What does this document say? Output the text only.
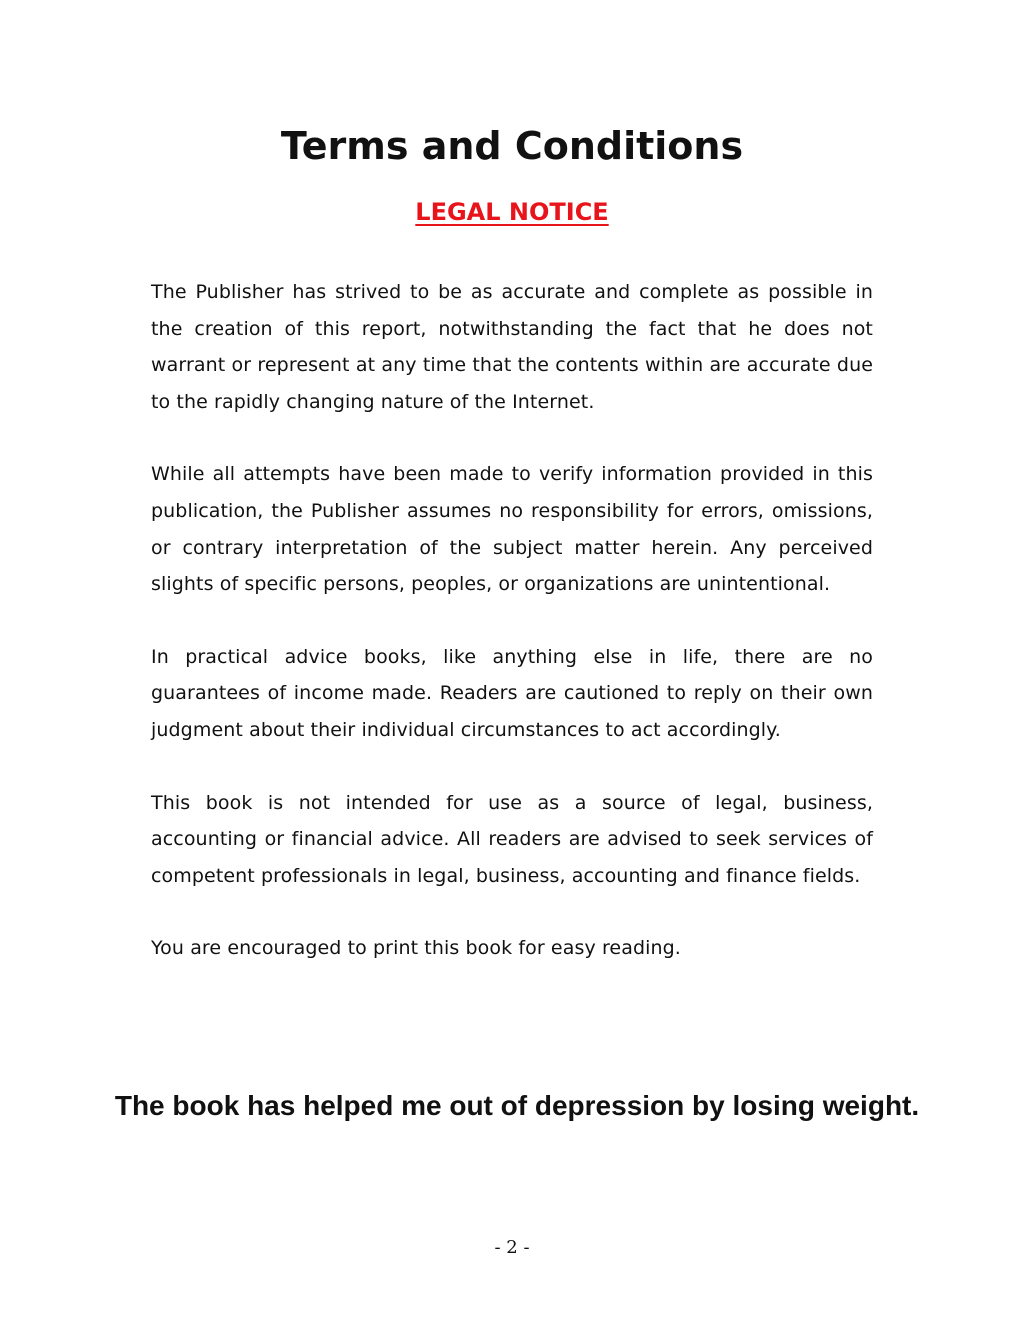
Terms and Conditions
LEGAL NOTICE

The Publisher has strived to be as accurate and complete as possible in the creation of this report, notwithstanding the fact that he does not warrant or represent at any time that the contents within are accurate due to the rapidly changing nature of the Internet.

While all attempts have been made to verify information provided in this publication, the Publisher assumes no responsibility for errors, omissions, or contrary interpretation of the subject matter herein. Any perceived slights of specific persons, peoples, or organizations are unintentional.

In practical advice books, like anything else in life, there are no guarantees of income made. Readers are cautioned to reply on their own judgment about their individual circumstances to act accordingly.

This book is not intended for use as a source of legal, business, accounting or financial advice. All readers are advised to seek services of competent professionals in legal, business, accounting and finance fields.

You are encouraged to print this book for easy reading.

The book has helped me out of depression by losing weight.
- 2 -
